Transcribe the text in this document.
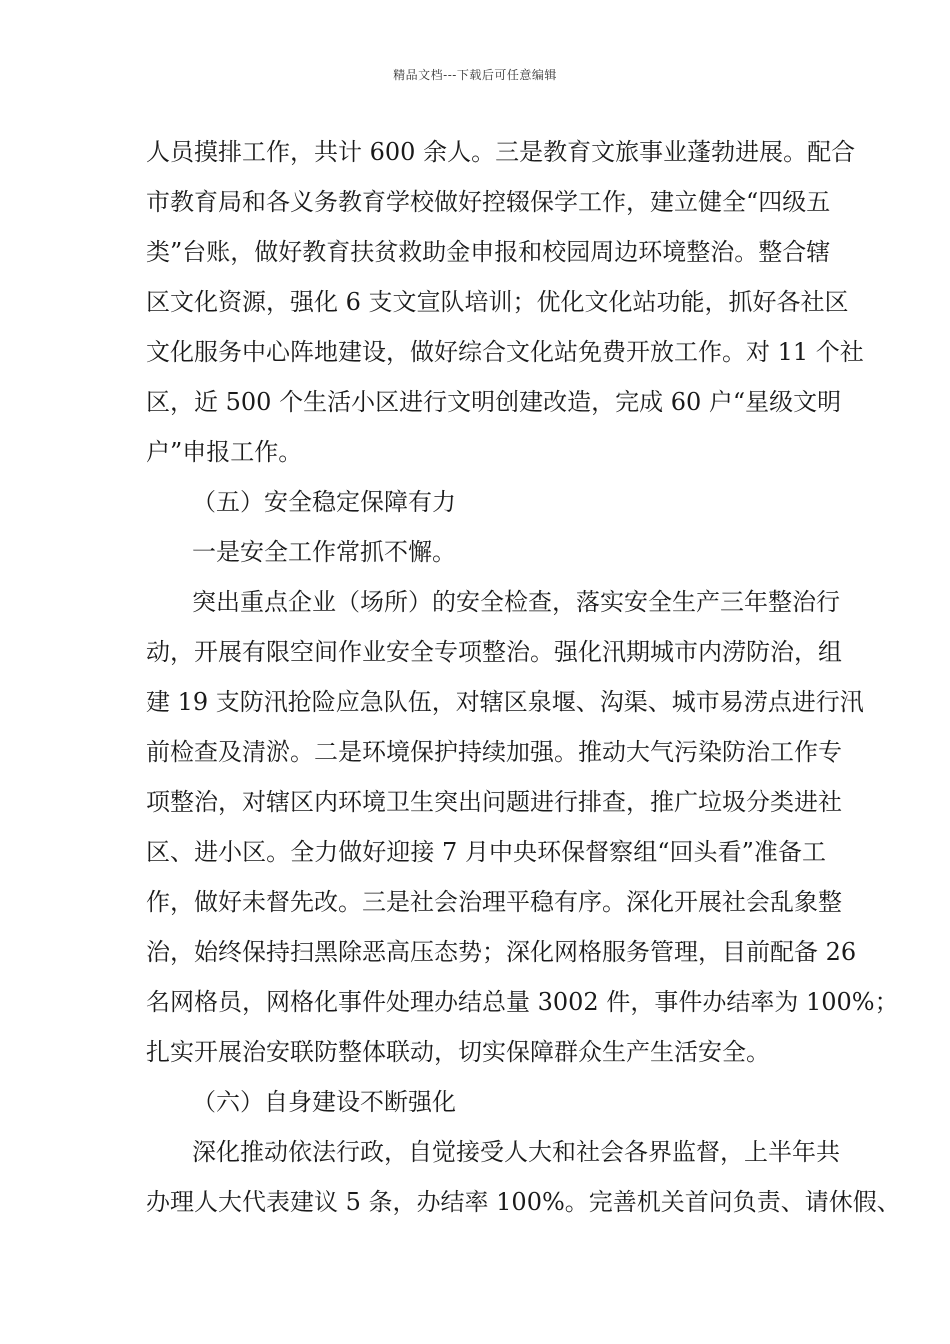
精品文档---下载后可任意编辑
人员摸排工作，共计 600 余人。三是教育文旅事业蓬勃进展。配合
市教育局和各义务教育学校做好控辍保学工作，建立健全“四级五
类”台账，做好教育扶贫救助金申报和校园周边环境整治。整合辖
区文化资源，强化 6 支文宣队培训；优化文化站功能，抓好各社区
文化服务中心阵地建设，做好综合文化站免费开放工作。对 11 个社
区，近 500 个生活小区进行文明创建改造，完成 60 户“星级文明
户”申报工作。
（五）安全稳定保障有力
一是安全工作常抓不懈。
突出重点企业（场所）的安全检查，落实安全生产三年整治行
动，开展有限空间作业安全专项整治。强化汛期城市内涝防治，组
建 19 支防汛抢险应急队伍，对辖区泉堰、沟渠、城市易涝点进行汛
前检查及清淤。二是环境保护持续加强。推动大气污染防治工作专
项整治，对辖区内环境卫生突出问题进行排查，推广垃圾分类进社
区、进小区。全力做好迎接 7 月中央环保督察组“回头看”准备工
作，做好未督先改。三是社会治理平稳有序。深化开展社会乱象整
治，始终保持扫黑除恶高压态势；深化网格服务管理，目前配备 26
名网格员，网格化事件处理办结总量 3002 件，事件办结率为 100%；
扎实开展治安联防整体联动，切实保障群众生产生活安全。
（六）自身建设不断强化
深化推动依法行政，自觉接受人大和社会各界监督，上半年共
办理人大代表建议 5 条，办结率 100%。完善机关首问负责、请休假、
